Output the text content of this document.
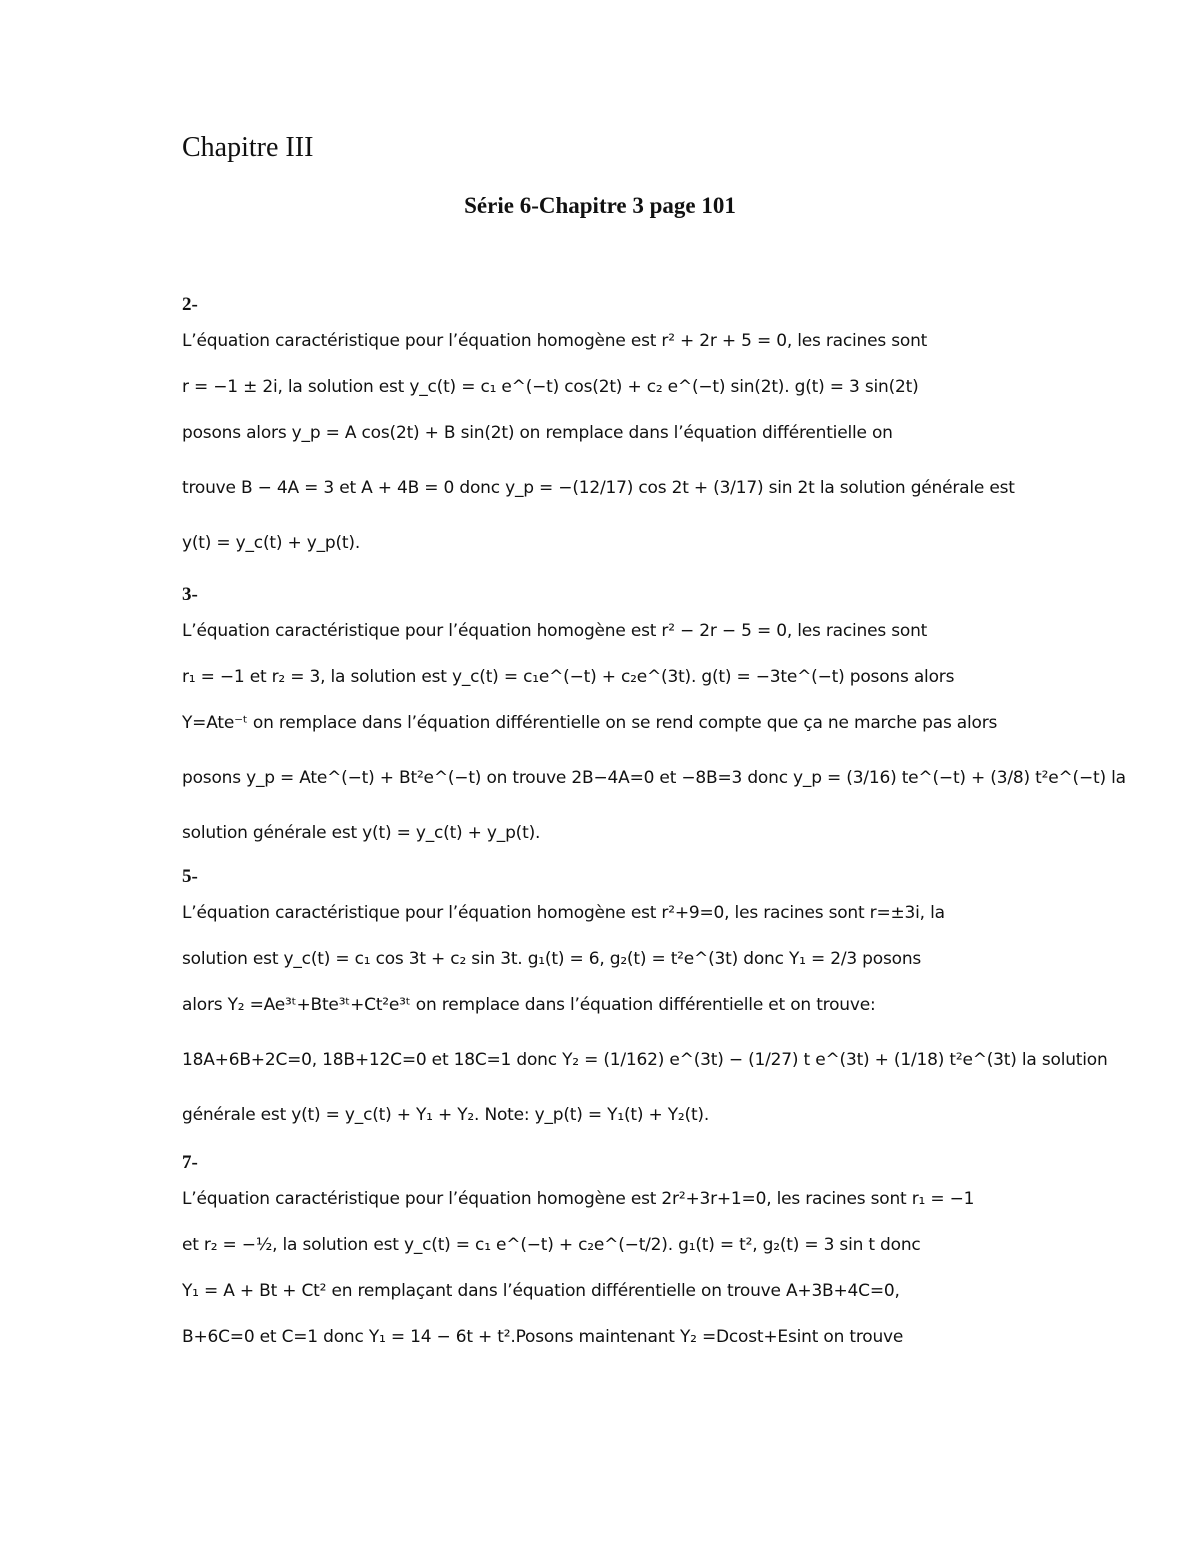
Chapitre III
Série 6-Chapitre 3 page 101
2-
L’équation caractéristique pour l’équation homogène est r² + 2r + 5 = 0, les racines sont
r = −1 ± 2i, la solution est y_c(t) = c₁ e^(−t) cos(2t) + c₂ e^(−t) sin(2t). g(t) = 3 sin(2t)
posons alors y_p = A cos(2t) + B sin(2t) on remplace dans l’équation différentielle on
trouve B − 4A = 3 et A + 4B = 0 donc y_p = −(12/17) cos 2t + (3/17) sin 2t la solution générale est
y(t) = y_c(t) + y_p(t).
3-
L’équation caractéristique pour l’équation homogène est r² − 2r − 5 = 0, les racines sont
r₁ = −1 et r₂ = 3, la solution est y_c(t) = c₁e^(−t) + c₂e^(3t). g(t) = −3te^(−t) posons alors
Y=Ate⁻ᵗ on remplace dans l’équation différentielle on se rend compte que ça ne marche pas alors
posons y_p = Ate^(−t) + Bt²e^(−t) on trouve 2B−4A=0 et −8B=3 donc y_p = (3/16) te^(−t) + (3/8) t²e^(−t) la
solution générale est y(t) = y_c(t) + y_p(t).
5-
L’équation caractéristique pour l’équation homogène est r²+9=0, les racines sont r=±3i, la
solution est y_c(t) = c₁ cos 3t + c₂ sin 3t. g₁(t) = 6, g₂(t) = t²e^(3t) donc Y₁ = 2/3 posons
alors Y₂ =Ae³ᵗ+Bte³ᵗ+Ct²e³ᵗ on remplace dans l’équation différentielle et on trouve:
18A+6B+2C=0, 18B+12C=0 et 18C=1 donc Y₂ = (1/162) e^(3t) − (1/27) t e^(3t) + (1/18) t²e^(3t) la solution
générale est y(t) = y_c(t) + Y₁ + Y₂. Note: y_p(t) = Y₁(t) + Y₂(t).
7-
L’équation caractéristique pour l’équation homogène est 2r²+3r+1=0, les racines sont r₁ = −1
et r₂ = −½, la solution est y_c(t) = c₁ e^(−t) + c₂e^(−t/2). g₁(t) = t², g₂(t) = 3 sin t donc
Y₁ = A + Bt + Ct² en remplaçant dans l’équation différentielle on trouve A+3B+4C=0,
B+6C=0 et C=1 donc Y₁ = 14 − 6t + t².Posons maintenant Y₂ =Dcost+Esint on trouve
